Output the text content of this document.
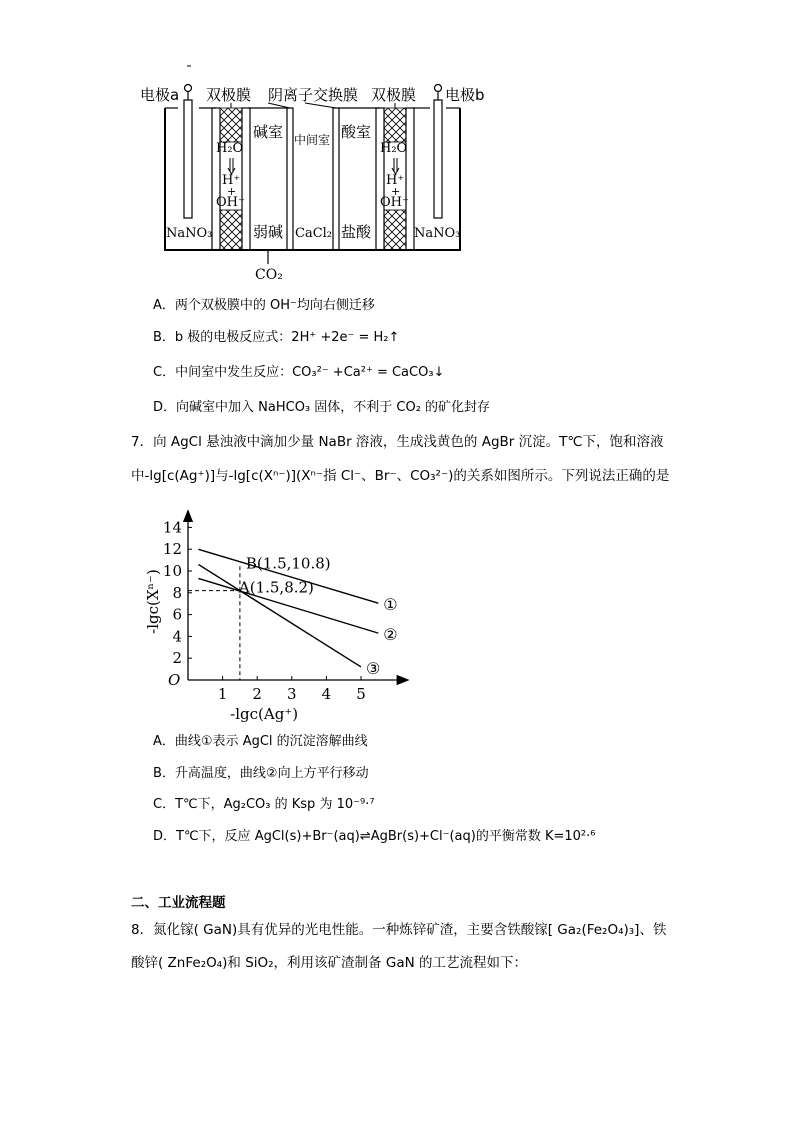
电极a	电极b
双极膜 阴离子交换膜 双极膜
碱室 中间室 酸室
H₂O
H⁺
+
OH⁻
H₂O
H⁺
+
OH⁻
NaNO₃	弱碱 CaCl₂ 盐酸	NaNO₃
CO₂
A．两个双极膜中的 OH⁻均向右侧迁移
B．b 极的电极反应式：2H⁺ +2e⁻ = H₂↑
C．中间室中发生反应：CO₃²⁻ +Ca²⁺ = CaCO₃↓
D．向碱室中加入 NaHCO₃ 固体，不利于 CO₂ 的矿化封存
7．向 AgCl 悬浊液中滴加少量 NaBr 溶液，生成浅黄色的 AgBr 沉淀。T℃下，饱和溶液
中-lg[c(Ag⁺)]与-lg[c(Xⁿ⁻)](Xⁿ⁻指 Cl⁻、Br⁻、CO₃²⁻)的关系如图所示。下列说法正确的是
1 2 3 4 5
2
4
6
8
10
12
14
O
-lgc(Ag⁺)
-lgc(Xⁿ⁻)	①
②
③
B(1.5,10.8)
A(1.5,8.2)
A．曲线①表示 AgCl 的沉淀溶解曲线
B．升高温度，曲线②向上方平行移动
C．T℃下，Ag₂CO₃ 的 Ksp 为 10⁻⁹·⁷
D．T℃下，反应 AgCl(s)+Br⁻(aq)⇌AgBr(s)+Cl⁻(aq)的平衡常数 K=10²·⁶
二、工业流程题
8．氮化镓( GaN)具有优异的光电性能。一种炼锌矿渣，主要含铁酸镓[ Ga₂(Fe₂O₄)₃]、铁
酸锌( ZnFe₂O₄)和 SiO₂，利用该矿渣制备 GaN 的工艺流程如下：
